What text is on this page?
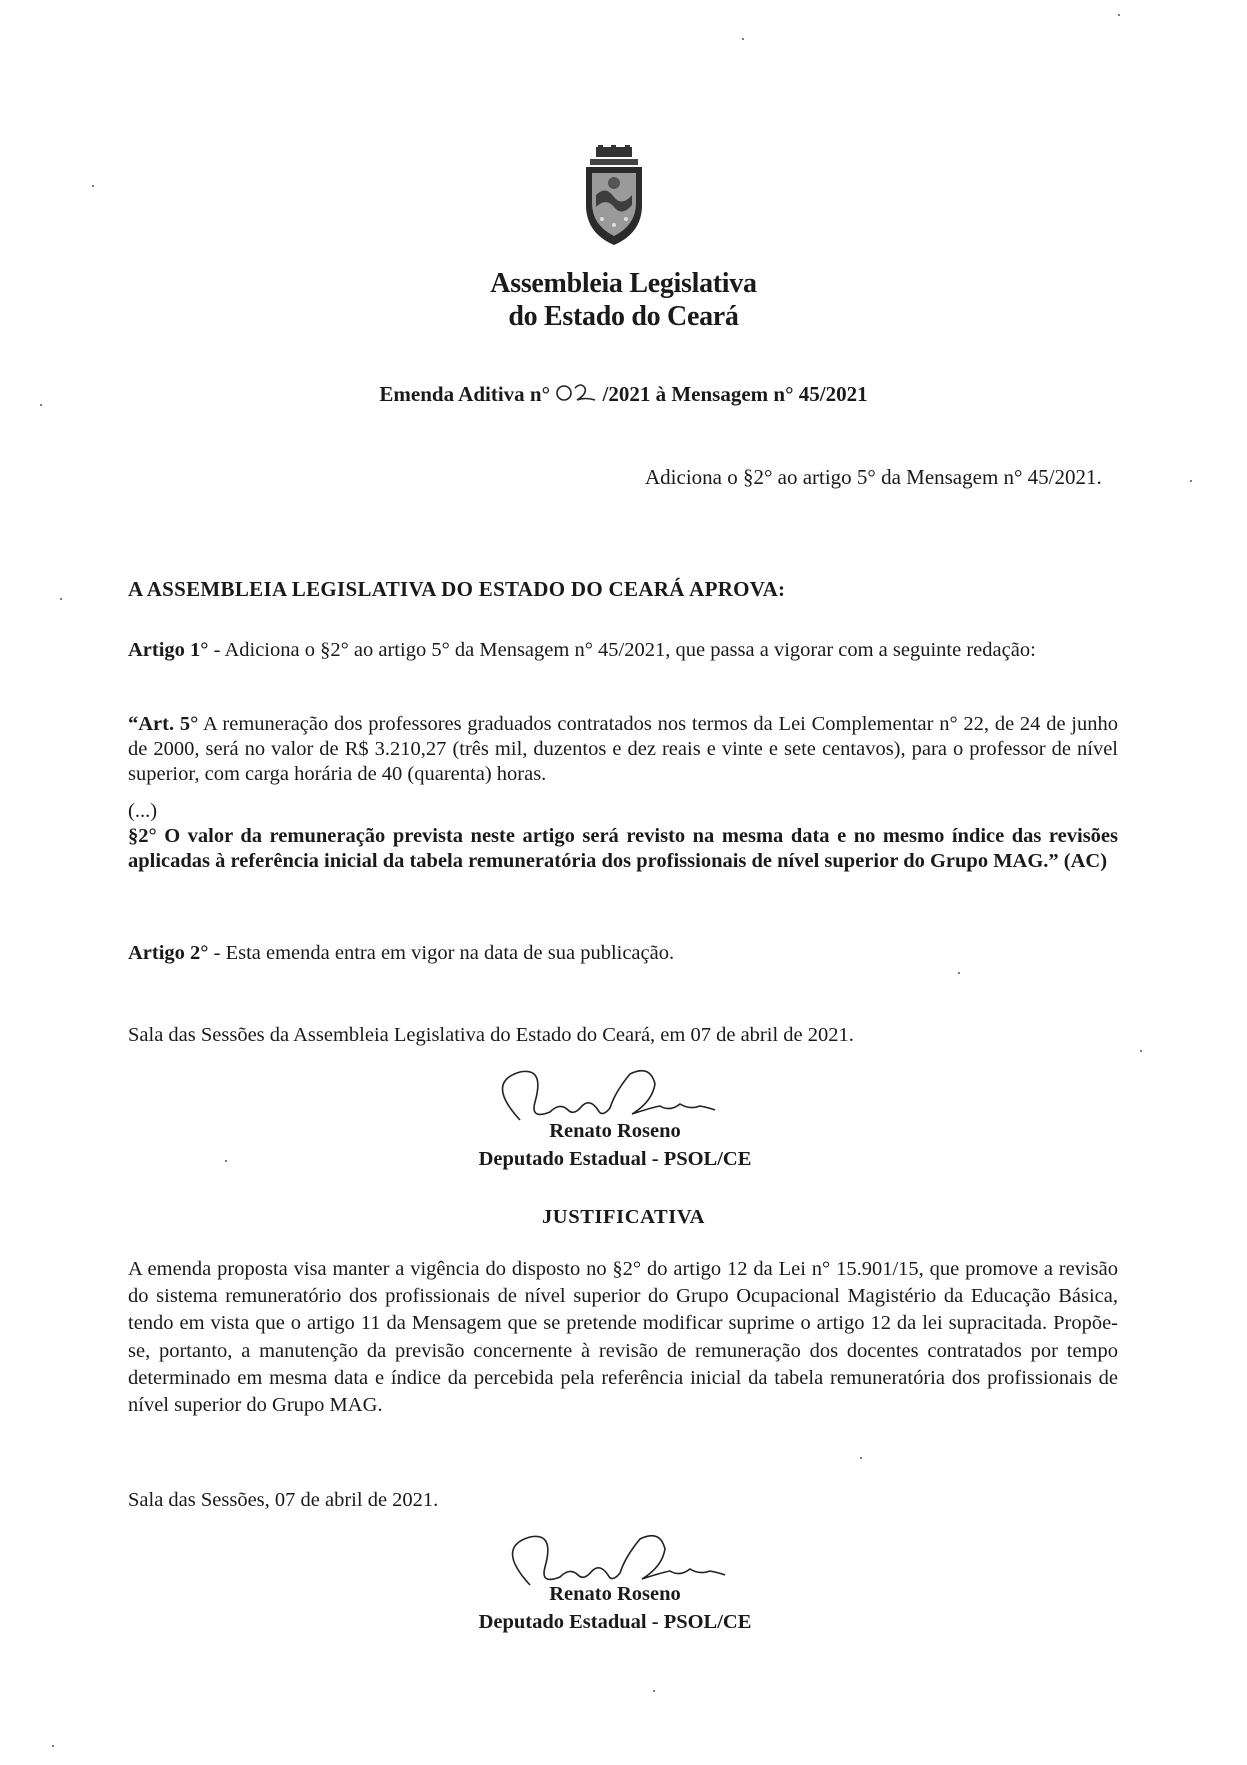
Assembleia Legislativa
do Estado do Ceará
Emenda Aditiva n°	/2021 à Mensagem n° 45/2021
Adiciona o §2° ao artigo 5° da Mensagem n° 45/2021.
A ASSEMBLEIA LEGISLATIVA DO ESTADO DO CEARÁ APROVA:

Artigo 1° - Adiciona o §2° ao artigo 5° da Mensagem n° 45/2021, que passa a vigorar com a seguinte redação:

“Art. 5° A remuneração dos professores graduados contratados nos termos da Lei Complementar n° 22, de 24 de junho de 2000, será no valor de R$ 3.210,27 (três mil, duzentos e dez reais e vinte e sete centavos), para o professor de nível superior, com carga horária de 40 (quarenta) horas.

(...)

§2° O valor da remuneração prevista neste artigo será revisto na mesma data e no mesmo índice das revisões aplicadas à referência inicial da tabela remuneratória dos profissionais de nível superior do Grupo MAG.” (AC)

Artigo 2° - Esta emenda entra em vigor na data de sua publicação.

Sala das Sessões da Assembleia Legislativa do Estado do Ceará, em 07 de abril de 2021.

Renato Roseno
Deputado Estadual - PSOL/CE
JUSTIFICATIVA

A emenda proposta visa manter a vigência do disposto no §2° do artigo 12 da Lei n° 15.901/15, que promove a revisão do sistema remuneratório dos profissionais de nível superior do Grupo Ocupacional Magistério da Educação Básica, tendo em vista que o artigo 11 da Mensagem que se pretende modificar suprime o artigo 12 da lei supracitada. Propõe-se, portanto, a manutenção da previsão concernente à revisão de remuneração dos docentes contratados por tempo determinado em mesma data e índice da percebida pela referência inicial da tabela remuneratória dos profissionais de nível superior do Grupo MAG.

Sala das Sessões, 07 de abril de 2021.

Renato Roseno
Deputado Estadual - PSOL/CE
